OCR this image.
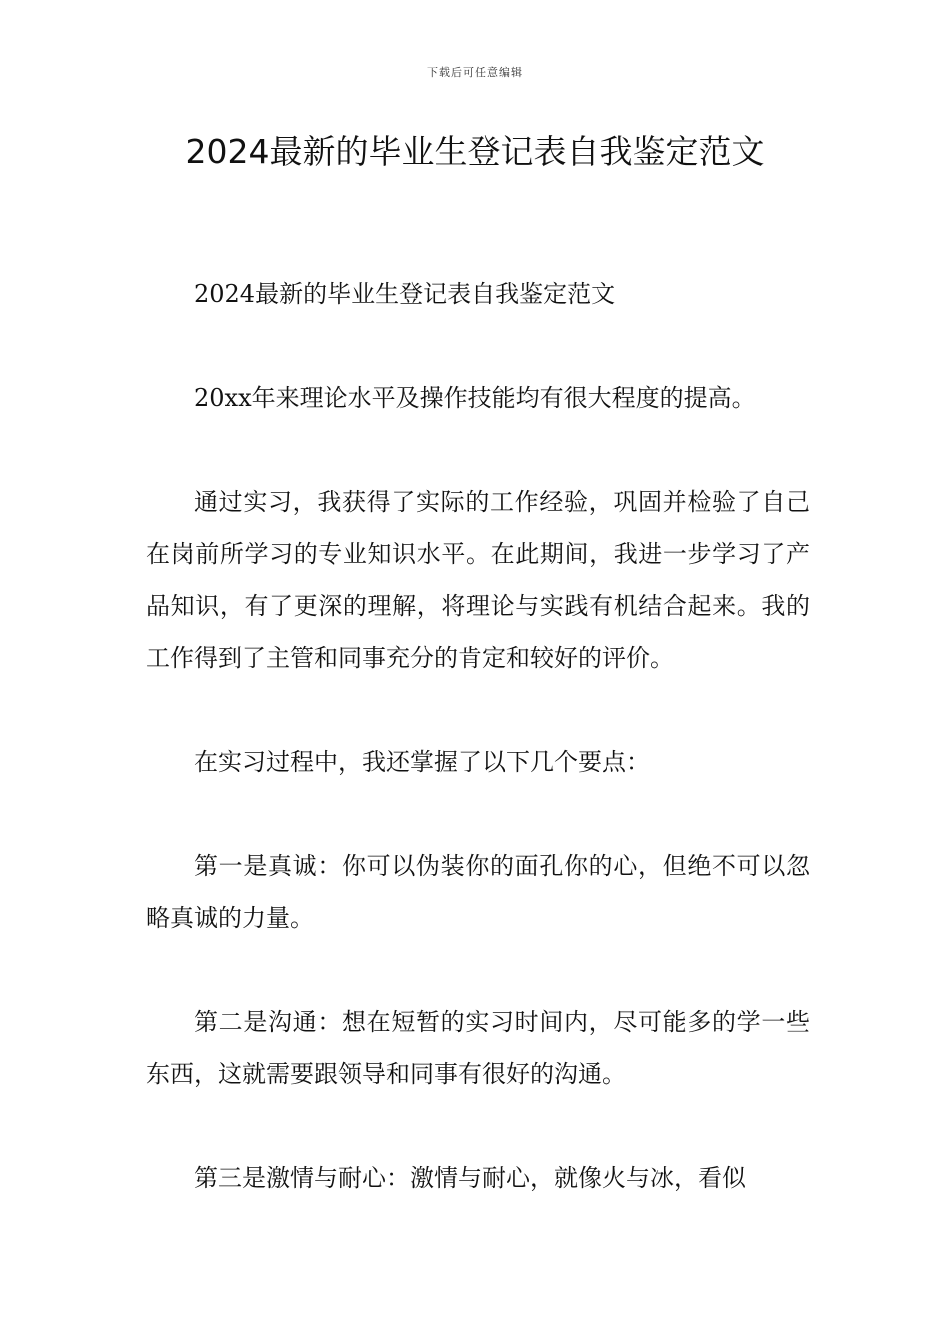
下载后可任意编辑
2024最新的毕业生登记表自我鉴定范文

2024最新的毕业生登记表自我鉴定范文

20xx年来理论水平及操作技能均有很大程度的提高。

通过实习，我获得了实际的工作经验，巩固并检验了自己在岗前所学习的专业知识水平。在此期间，我进一步学习了产品知识，有了更深的理解，将理论与实践有机结合起来。我的工作得到了主管和同事充分的肯定和较好的评价。

在实习过程中，我还掌握了以下几个要点：

第一是真诚：你可以伪装你的面孔你的心，但绝不可以忽略真诚的力量。

第二是沟通：想在短暂的实习时间内，尽可能多的学一些东西，这就需要跟领导和同事有很好的沟通。

第三是激情与耐心：激情与耐心，就像火与冰，看似
